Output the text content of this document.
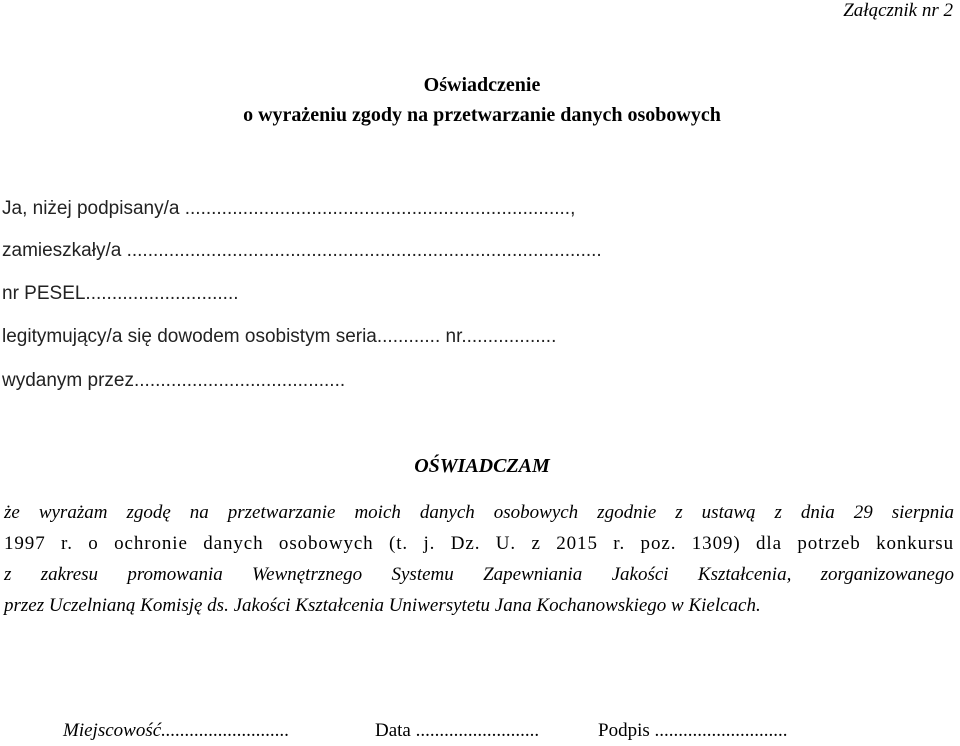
Załącznik nr 2
Oświadczenie
o wyrażeniu zgody na przetwarzanie danych osobowych
Ja, niżej podpisany/a .........................................................................,
zamieszkały/a ..........................................................................................
nr PESEL.............................
legitymujący/a się dowodem osobistym seria............ nr..................
wydanym przez........................................
OŚWIADCZAM
że wyrażam zgodę na przetwarzanie moich danych osobowych zgodnie z ustawą z dnia 29 sierpnia
1997 r. o ochronie danych osobowych (t. j. Dz. U. z 2015 r. poz. 1309) dla potrzeb konkursu
z zakresu promowania Wewnętrznego Systemu Zapewniania Jakości Kształcenia, zorganizowanego
przez Uczelnianą Komisję ds. Jakości Kształcenia Uniwersytetu Jana Kochanowskiego w Kielcach.
Miejscowość...........................	Data ..........................	Podpis ............................
